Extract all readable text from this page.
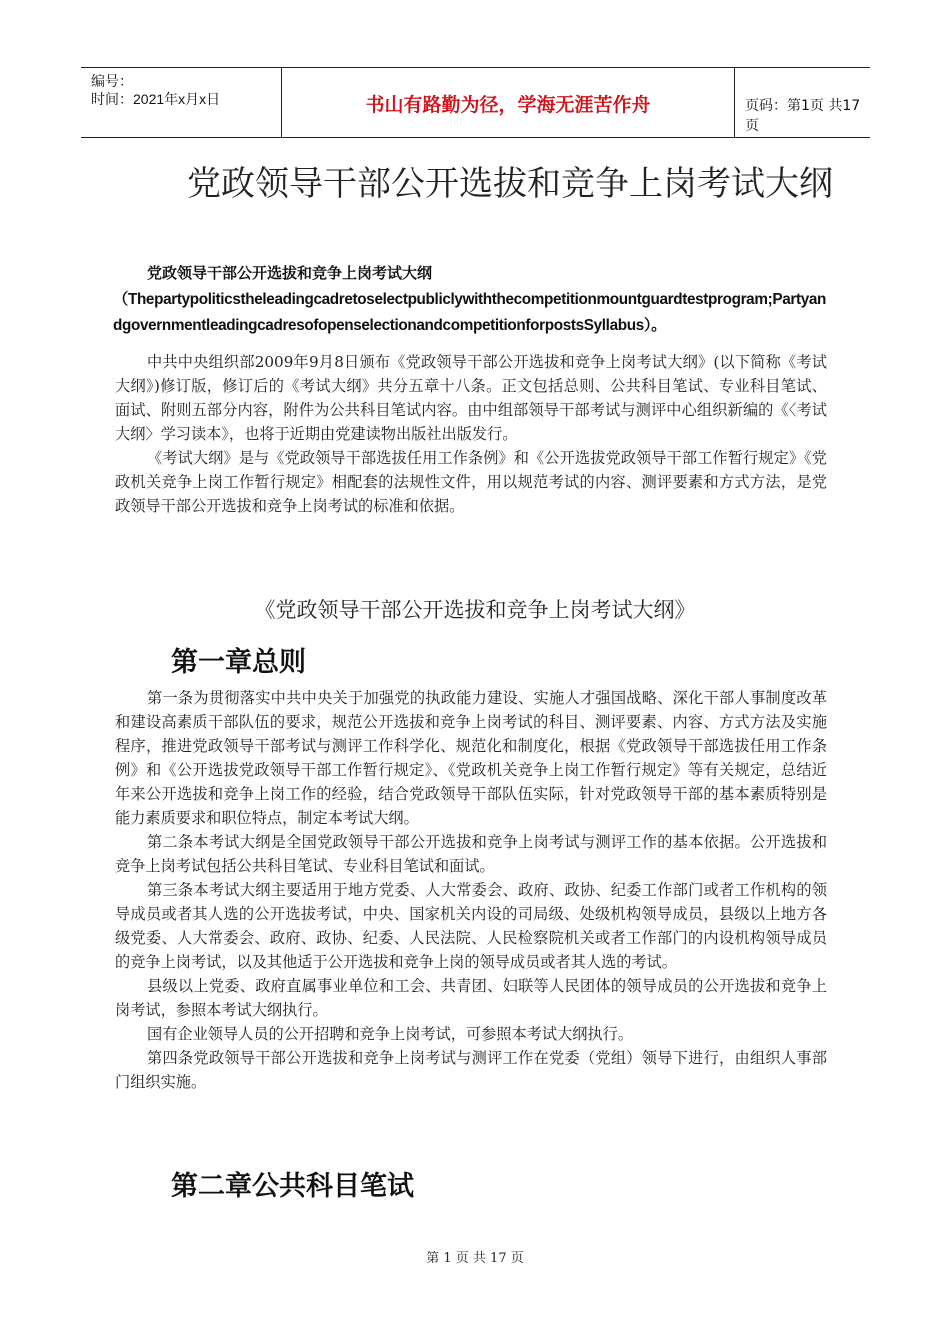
编号：
时间：2021年x月x日	书山有路勤为径，学海无涯苦作舟	页码：第1页 共17页
党政领导干部公开选拔和竞争上岗考试大纲
党政领导干部公开选拔和竞争上岗考试大纲
（Thepartypoliticstheleadingcadretoselectpubliclywiththecompetitionmountguardtestprogram;PartyandgovernmentleadingcadresofopenselectionandcompetitionforpostsSyllabus）。

中共中央组织部2009年9月8日颁布《党政领导干部公开选拔和竞争上岗考试大纲》(以下简称《考试大纲》)修订版，修订后的《考试大纲》共分五章十八条。正文包括总则、公共科目笔试、专业科目笔试、面试、附则五部分内容，附件为公共科目笔试内容。由中组部领导干部考试与测评中心组织新编的《〈考试大纲〉学习读本》，也将于近期由党建读物出版社出版发行。

《考试大纲》是与《党政领导干部选拔任用工作条例》和《公开选拔党政领导干部工作暂行规定》《党政机关竞争上岗工作暂行规定》相配套的法规性文件，用以规范考试的内容、测评要素和方式方法，是党政领导干部公开选拔和竞争上岗考试的标准和依据。

《党政领导干部公开选拔和竞争上岗考试大纲》
第一章总则

第一条为贯彻落实中共中央关于加强党的执政能力建设、实施人才强国战略、深化干部人事制度改革和建设高素质干部队伍的要求，规范公开选拔和竞争上岗考试的科目、测评要素、内容、方式方法及实施程序，推进党政领导干部考试与测评工作科学化、规范化和制度化，根据《党政领导干部选拔任用工作条例》和《公开选拔党政领导干部工作暂行规定》、《党政机关竞争上岗工作暂行规定》等有关规定，总结近年来公开选拔和竞争上岗工作的经验，结合党政领导干部队伍实际，针对党政领导干部的基本素质特别是能力素质要求和职位特点，制定本考试大纲。

第二条本考试大纲是全国党政领导干部公开选拔和竞争上岗考试与测评工作的基本依据。公开选拔和竞争上岗考试包括公共科目笔试、专业科目笔试和面试。

第三条本考试大纲主要适用于地方党委、人大常委会、政府、政协、纪委工作部门或者工作机构的领导成员或者其人选的公开选拔考试，中央、国家机关内设的司局级、处级机构领导成员，县级以上地方各级党委、人大常委会、政府、政协、纪委、人民法院、人民检察院机关或者工作部门的内设机构领导成员的竞争上岗考试，以及其他适于公开选拔和竞争上岗的领导成员或者其人选的考试。

县级以上党委、政府直属事业单位和工会、共青团、妇联等人民团体的领导成员的公开选拔和竞争上岗考试，参照本考试大纲执行。

国有企业领导人员的公开招聘和竞争上岗考试，可参照本考试大纲执行。

第四条党政领导干部公开选拔和竞争上岗考试与测评工作在党委（党组）领导下进行，由组织人事部门组织实施。

第二章公共科目笔试
第 1 页 共 17 页
